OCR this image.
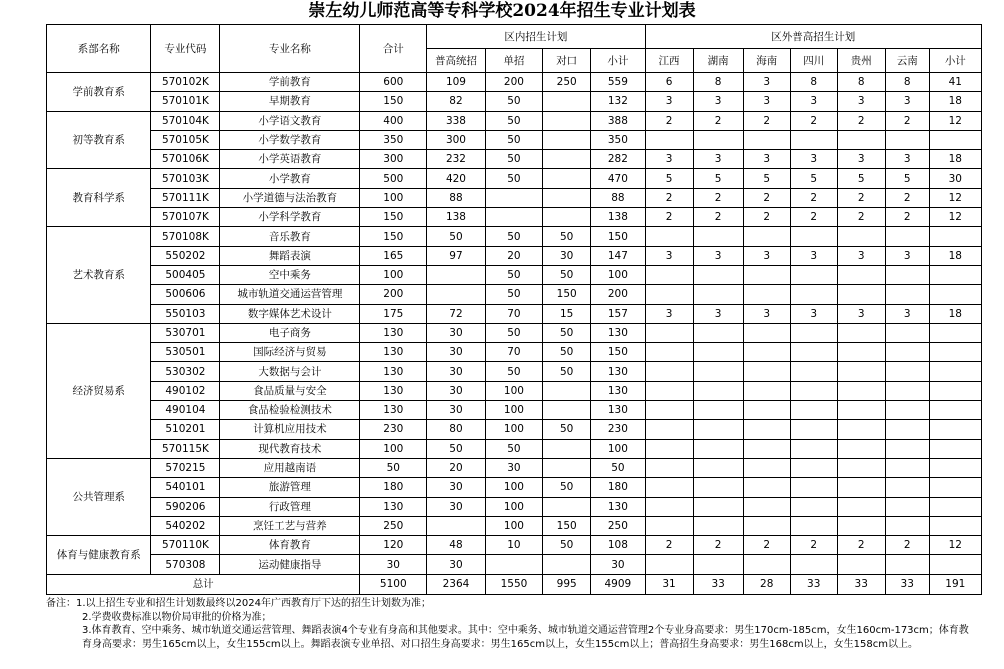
崇左幼儿师范高等专科学校2024年招生专业计划表
系部名称	专业代码	专业名称	合计	区内招生计划				区外普高招生计划						
				普高统招	单招	对口	小计	江西	湖南	海南	四川	贵州	云南	小计
学前教育系	570102K	学前教育	600	109	200	250	559	6	8	3	8	8	8	41
	570101K	早期教育	150	82	50		132	3	3	3	3	3	3	18
初等教育系	570104K	小学语文教育	400	338	50		388	2	2	2	2	2	2	12
	570105K	小学数学教育	350	300	50		350							
	570106K	小学英语教育	300	232	50		282	3	3	3	3	3	3	18
教育科学系	570103K	小学教育	500	420	50		470	5	5	5	5	5	5	30
	570111K	小学道德与法治教育	100	88			88	2	2	2	2	2	2	12
	570107K	小学科学教育	150	138			138	2	2	2	2	2	2	12
艺术教育系	570108K	音乐教育	150	50	50	50	150							
	550202	舞蹈表演	165	97	20	30	147	3	3	3	3	3	3	18
	500405	空中乘务	100		50	50	100							
	500606	城市轨道交通运营管理	200		50	150	200							
	550103	数字媒体艺术设计	175	72	70	15	157	3	3	3	3	3	3	18
经济贸易系	530701	电子商务	130	30	50	50	130							
	530501	国际经济与贸易	130	30	70	50	150							
	530302	大数据与会计	130	30	50	50	130							
	490102	食品质量与安全	130	30	100		130							
	490104	食品检验检测技术	130	30	100		130							
	510201	计算机应用技术	230	80	100	50	230							
	570115K	现代教育技术	100	50	50		100							
公共管理系	570215	应用越南语	50	20	30		50							
	540101	旅游管理	180	30	100	50	180							
	590206	行政管理	130	30	100		130							
	540202	烹饪工艺与营养	250		100	150	250							
体育与健康教育系	570110K	体育教育	120	48	10	50	108	2	2	2	2	2	2	12
	570308	运动健康指导	30	30			30							
总计			5100	2364	1550	995	4909	31	33	28	33	33	33	191
备注：1.以上招生专业和招生计划数最终以2024年广西教育厅下达的招生计划数为准；
2.学费收费标准以物价局审批的价格为准；
3.体育教育、空中乘务、城市轨道交通运营管理、舞蹈表演4个专业有身高和其他要求。其中：空中乘务、城市轨道交通运营管理2个专业身高要求：男生170cm-185cm，女生160cm-173cm；体育教育身高要求：男生165cm以上，女生155cm以上。舞蹈表演专业单招、对口招生身高要求：男生165cm以上，女生155cm以上；普高招生身高要求：男生168cm以上，女生158cm以上。
